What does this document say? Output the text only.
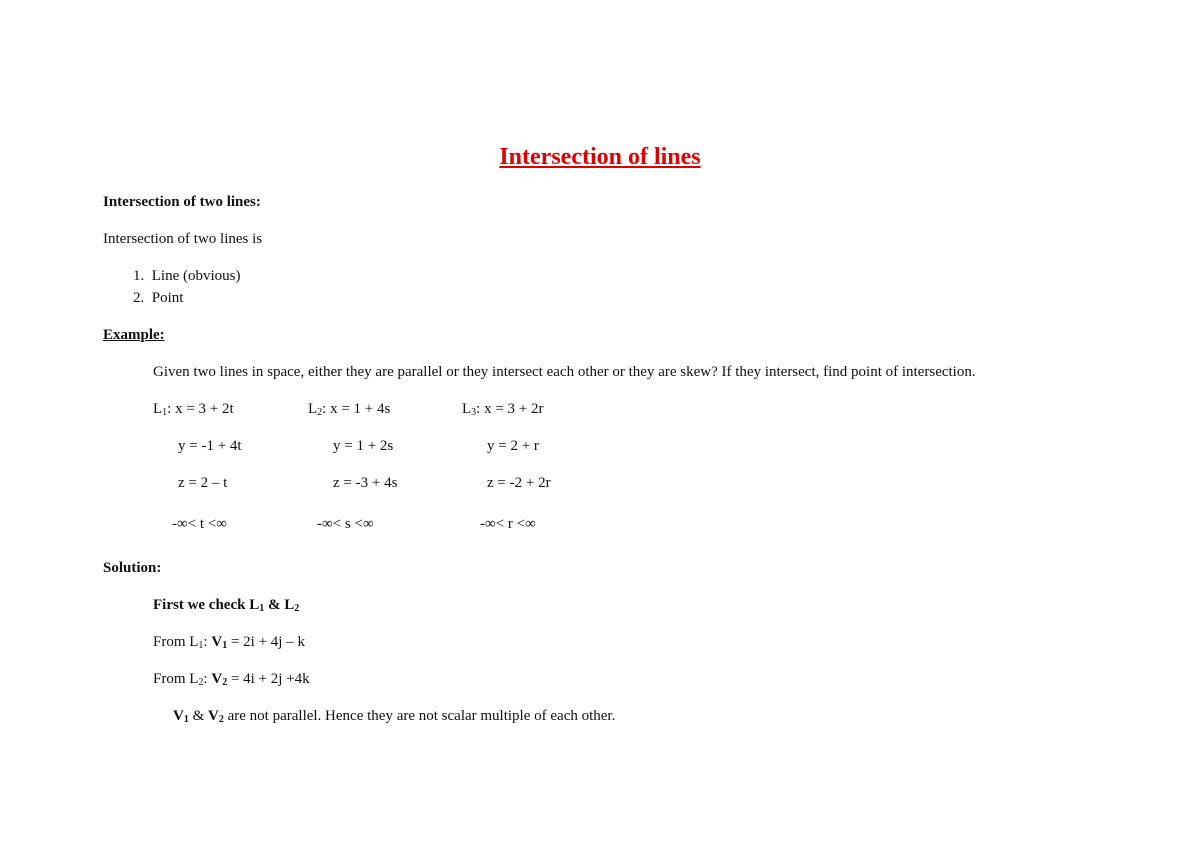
Intersection of lines
Intersection of two lines:
Intersection of two lines is
1.  Line (obvious)
2.  Point
Example:
Given two lines in space, either they are parallel or they intersect each other or they are skew? If they intersect, find point of intersection.
$L_1$: x = 3 + 2t
y = -1 + 4t
z = 2 – t
-∞< t <∞
$L_2$: x = 1 + 4s
y = 1 + 2s
z = -3 + 4s
-∞< s <∞
$L_3$: x = 3 + 2r
y = 2 + r
z = -2 + 2r
-∞< r <∞
Solution:
First we check $L_1$ & $L_2$
From $L_1$: $V_1 = 2i + 4j - k$
From $L_2$: $V_2 = 4i + 2j +4k$
$V_1$ & $V_2$ are not parallel. Hence they are not scalar multiple of each other.
